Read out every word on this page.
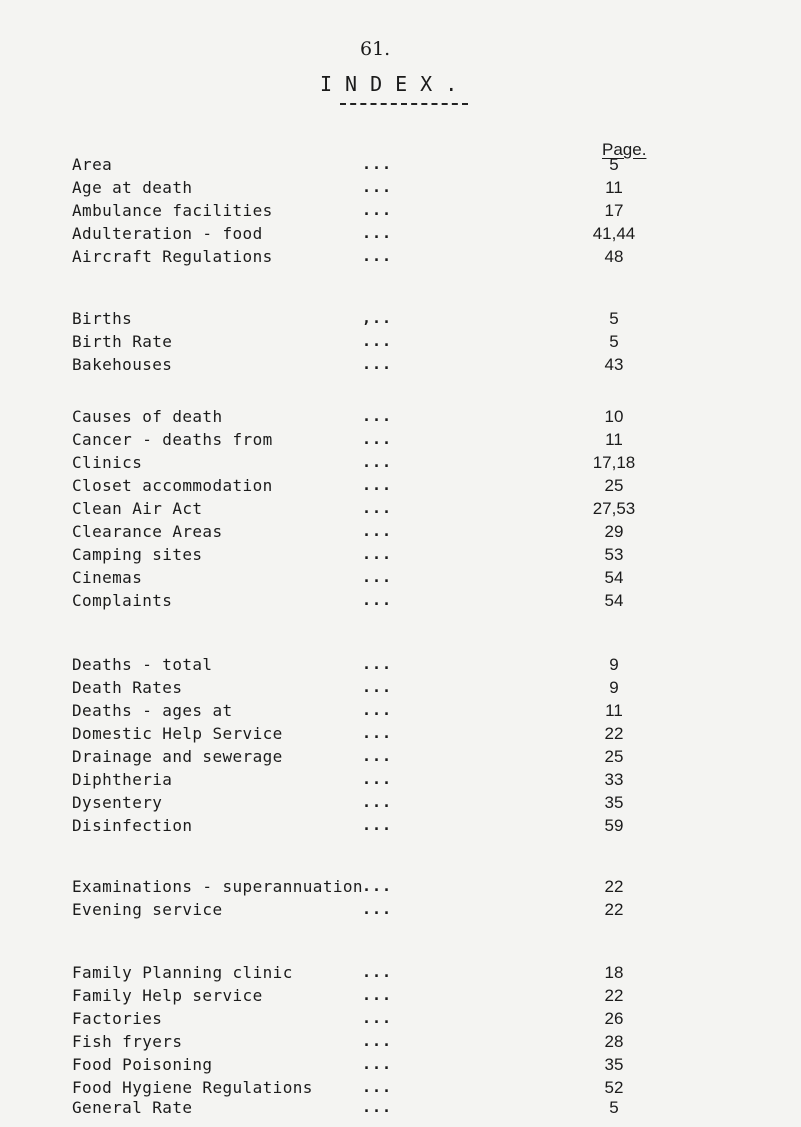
61.
INDEX.
Page.
Area	...	5
Age at death	...	11
Ambulance facilities	...	17
Adulteration - food	...	41,44
Aircraft Regulations	...	48
Births	,..	5
Birth Rate	...	5
Bakehouses	...	43
Causes of death	...	10
Cancer - deaths from	...	11
Clinics	...	17,18
Closet accommodation	...	25
Clean Air Act	...	27,53
Clearance Areas	...	29
Camping sites	...	53
Cinemas	...	54
Complaints	...	54
Deaths - total	...	9
Death Rates	...	9
Deaths - ages at	...	11
Domestic Help Service	...	22
Drainage and sewerage	...	25
Diphtheria	...	33
Dysentery	...	35
Disinfection	...	59
Examinations - superannuation ...	22
Evening service	...	22
Family Planning clinic	...	18
Family Help service	...	22
Factories	...	26
Fish fryers	...	28
Food Poisoning	...	35
Food Hygiene Regulations	...	52
General Rate	...	5
